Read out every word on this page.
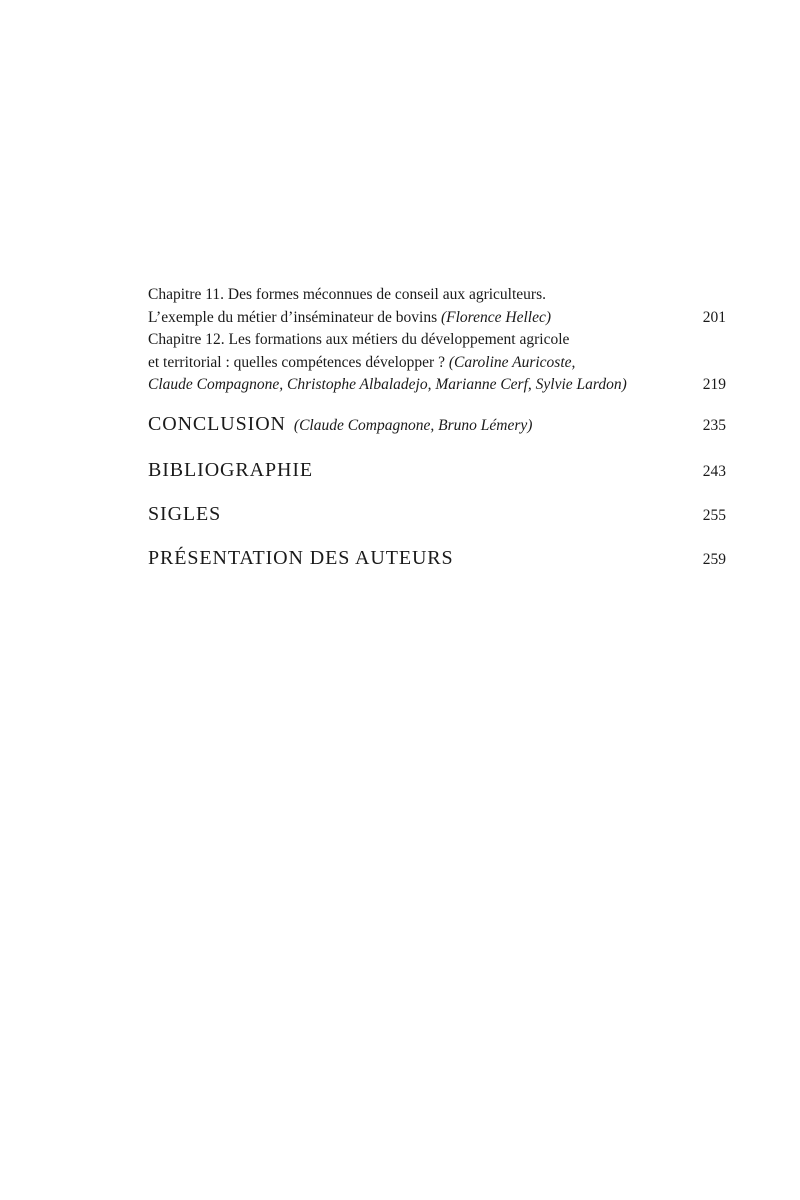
Chapitre 11. Des formes méconnues de conseil aux agriculteurs.
L’exemple du métier d’inséminateur de bovins (Florence Hellec)	201
Chapitre 12. Les formations aux métiers du développement agricole
et territorial : quelles compétences développer ? (Caroline Auricoste,
Claude Compagnone, Christophe Albaladejo, Marianne Cerf, Sylvie Lardon)	219
CONCLUSION (Claude Compagnone, Bruno Lémery)	235
BIBLIOGRAPHIE	243
SIGLES	255
PRÉSENTATION DES AUTEURS	259
